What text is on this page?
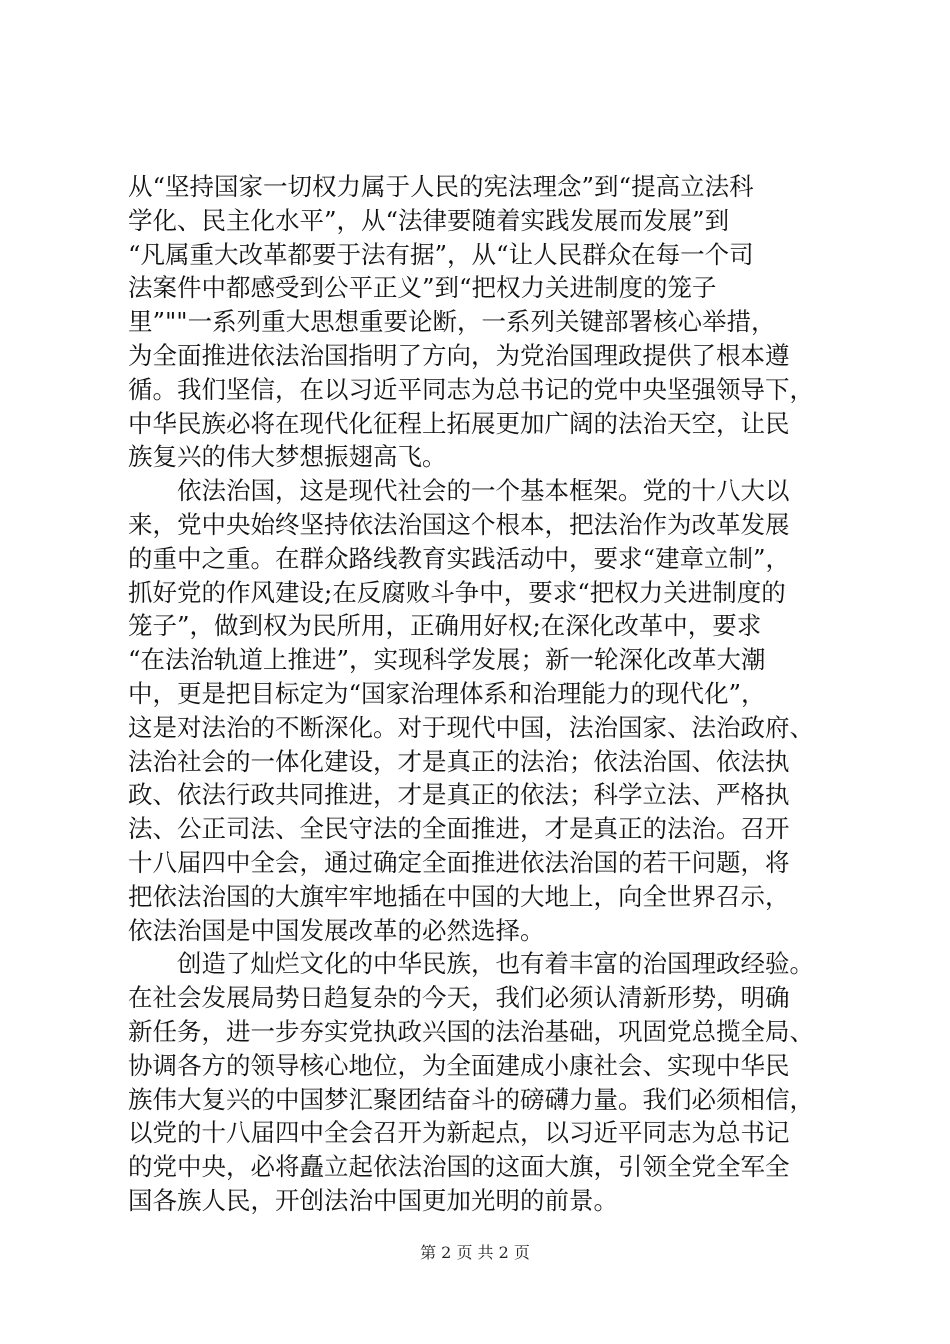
从“坚持国家一切权力属于人民的宪法理念”到“提高立法科
学化、民主化水平”，从“法律要随着实践发展而发展”到
“凡属重大改革都要于法有据”，从“让人民群众在每一个司
法案件中都感受到公平正义”到“把权力关进制度的笼子
里”""一系列重大思想重要论断，一系列关键部署核心举措，
为全面推进依法治国指明了方向，为党治国理政提供了根本遵
循。我们坚信，在以习近平同志为总书记的党中央坚强领导下，
中华民族必将在现代化征程上拓展更加广阔的法治天空，让民
族复兴的伟大梦想振翅高飞。
　　依法治国，这是现代社会的一个基本框架。党的十八大以
来，党中央始终坚持依法治国这个根本，把法治作为改革发展
的重中之重。在群众路线教育实践活动中，要求“建章立制”，
抓好党的作风建设;在反腐败斗争中，要求“把权力关进制度的
笼子”，做到权为民所用，正确用好权;在深化改革中，要求
“在法治轨道上推进”，实现科学发展；新一轮深化改革大潮
中，更是把目标定为“国家治理体系和治理能力的现代化”，
这是对法治的不断深化。对于现代中国，法治国家、法治政府、
法治社会的一体化建设，才是真正的法治；依法治国、依法执
政、依法行政共同推进，才是真正的依法；科学立法、严格执
法、公正司法、全民守法的全面推进，才是真正的法治。召开
十八届四中全会，通过确定全面推进依法治国的若干问题，将
把依法治国的大旗牢牢地插在中国的大地上，向全世界召示，
依法治国是中国发展改革的必然选择。
　　创造了灿烂文化的中华民族，也有着丰富的治国理政经验。
在社会发展局势日趋复杂的今天，我们必须认清新形势，明确
新任务，进一步夯实党执政兴国的法治基础，巩固党总揽全局、
协调各方的领导核心地位，为全面建成小康社会、实现中华民
族伟大复兴的中国梦汇聚团结奋斗的磅礴力量。我们必须相信，
以党的十八届四中全会召开为新起点，以习近平同志为总书记
的党中央，必将矗立起依法治国的这面大旗，引领全党全军全
国各族人民，开创法治中国更加光明的前景。
第 2 页 共 2 页
